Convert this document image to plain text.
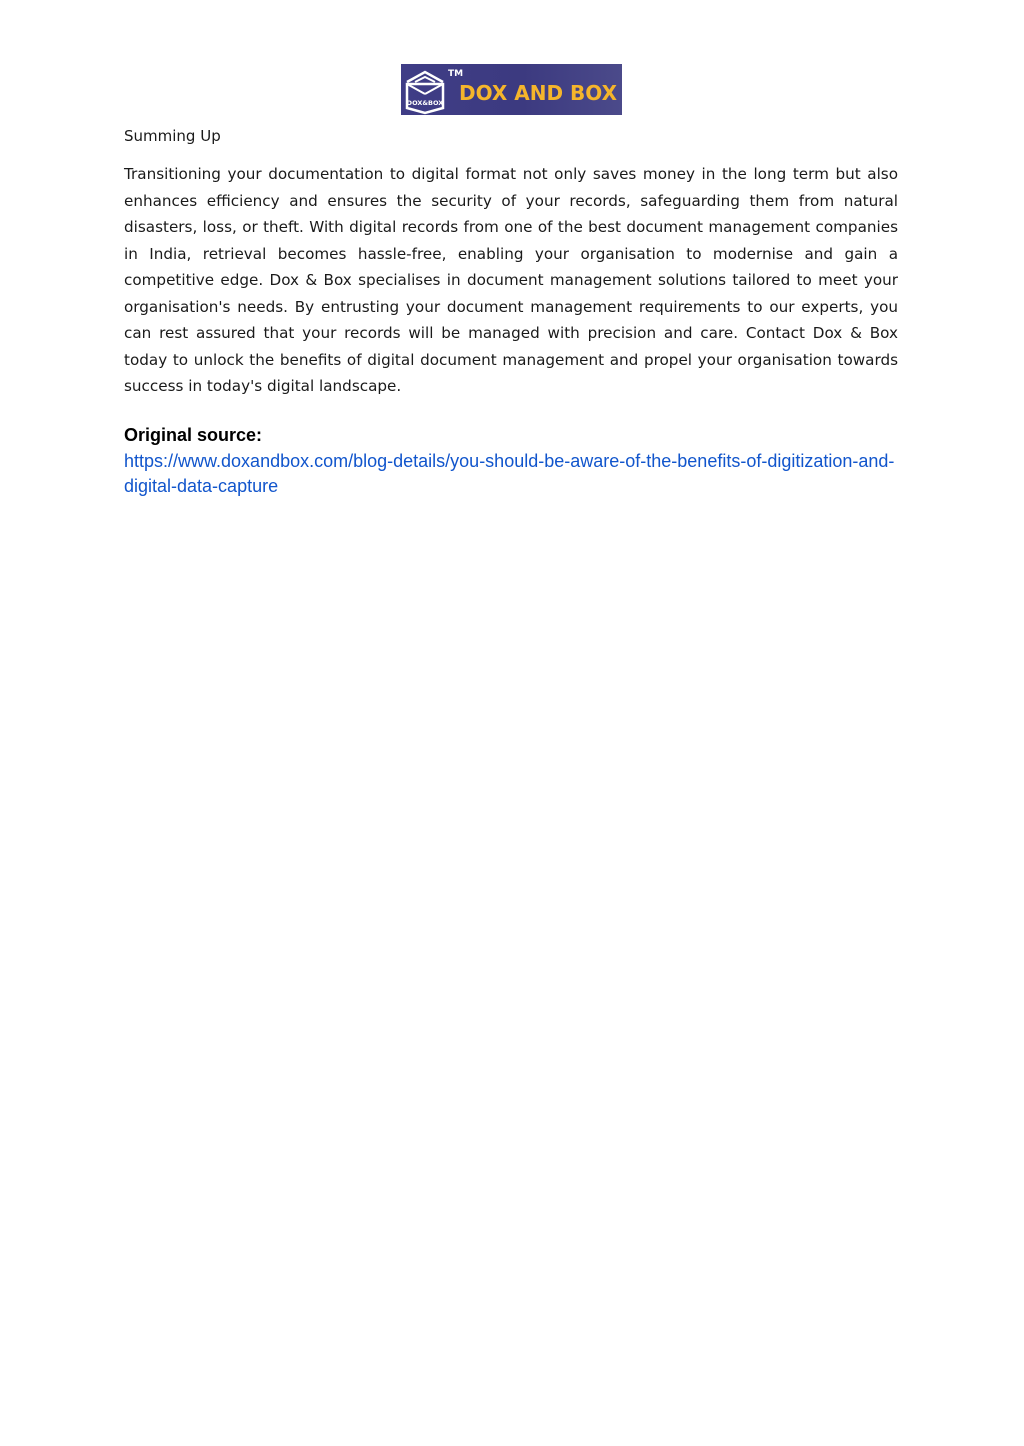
DOX&BOX
TM
DOX AND BOX

Summing Up

Transitioning your documentation to digital format not only saves money in the long term but also enhances efficiency and ensures the security of your records, safeguarding them from natural disasters, loss, or theft. With digital records from one of the best document management companies in India, retrieval becomes hassle-free, enabling your organisation to modernise and gain a competitive edge. Dox & Box specialises in document management solutions tailored to meet your organisation's needs. By entrusting your document management requirements to our experts, you can rest assured that your records will be managed with precision and care. Contact Dox & Box today to unlock the benefits of digital document management and propel your organisation towards success in today's digital landscape.

Original source:

https://www.doxandbox.com/blog-details/you-should-be-aware-of-the-benefits-of-digitization-and-digital-data-capture
